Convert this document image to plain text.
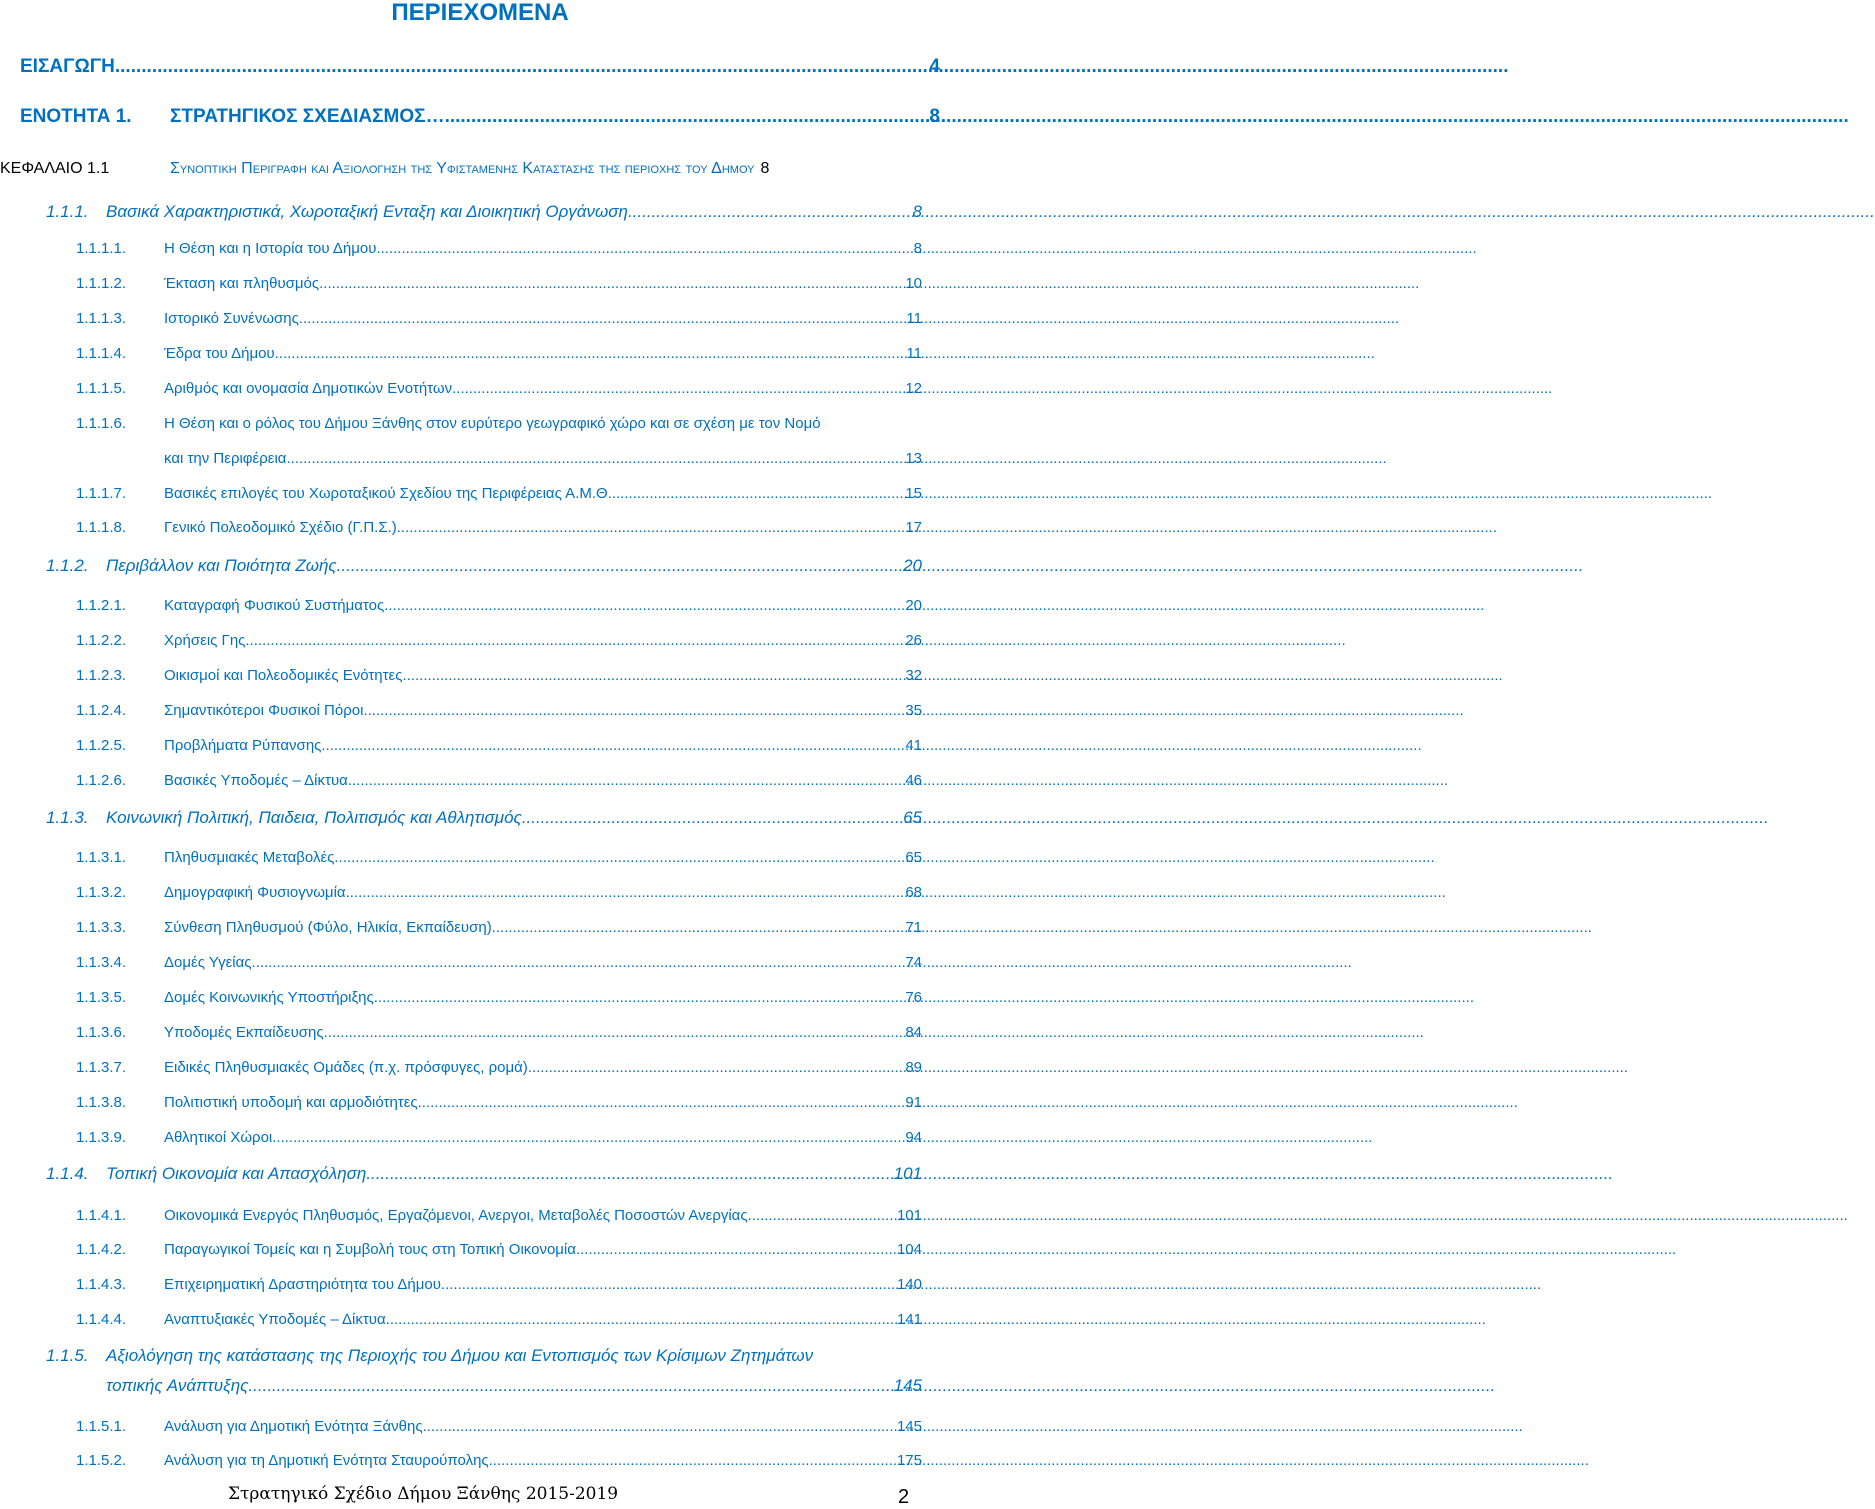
ΠΕΡΙΕΧΟΜΕΝΑ
ΕΙΣΑΓΩΓΗ .....	4
ΕΝΟΤΗΤΑ 1.	ΣΤΡΑΤΗΓΙΚΟΣ ΣΧΕΔΙΑΣΜΟΣ….. .....	8
ΚΕΦΑΛΑΙΟ 1.1	Συνοπτικη Περιγραφη και Αξιολογηση της Υφισταμενης Καταστασης της περιοχης του Δημου 8
1.1.1.	Βασικά Χαρακτηριστικά, Χωροταξική Ενταξη και Διοικητική Οργάνωση .....	8
1.1.1.1.	Η Θέση και η Ιστορία του Δήμου .....	8
1.1.1.2.	Έκταση και πληθυσμός .....	10
1.1.1.3.	Ιστορικό Συνένωσης .....	11
1.1.1.4.	Έδρα του Δήμου .....	11
1.1.1.5.	Αριθμός και ονομασία Δημοτικών Ενοτήτων .....	12
1.1.1.6.	Η Θέση και ο ρόλος του Δήμου Ξάνθης στον ευρύτερο γεωγραφικό χώρο και σε σχέση με τον Νομό
και την Περιφέρεια .....	13
1.1.1.7.	Βασικές επιλογές του Χωροταξικού Σχεδίου της Περιφέρειας Α.Μ.Θ. .....	15
1.1.1.8.	Γενικό Πολεοδομικό Σχέδιο (Γ.Π.Σ.) .....	17
1.1.2.	Περιβάλλον και Ποιότητα Ζωής .....	20
1.1.2.1.	Καταγραφή Φυσικού Συστήματος .....	20
1.1.2.2.	Χρήσεις Γης .....	26
1.1.2.3.	Οικισμοί και Πολεοδομικές Ενότητες .....	32
1.1.2.4.	Σημαντικότεροι Φυσικοί Πόροι .....	35
1.1.2.5.	Προβλήματα Ρύπανσης .....	41
1.1.2.6.	Βασικές Υποδομές – Δίκτυα .....	46
1.1.3.	Κοινωνική Πολιτική, Παιδεια, Πολιτισμός και Αθλητισμός .....	65
1.1.3.1.	Πληθυσμιακές Μεταβολές .....	65
1.1.3.2.	Δημογραφική Φυσιογνωμία .....	68
1.1.3.3.	Σύνθεση Πληθυσμού (Φύλο, Ηλικία, Εκπαίδευση) .....	71
1.1.3.4.	Δομές Υγείας .....	74
1.1.3.5.	Δομές Κοινωνικής Υποστήριξης .....	76
1.1.3.6.	Υποδομές Εκπαίδευσης .....	84
1.1.3.7.	Ειδικές Πληθυσμιακές Ομάδες (π.χ. πρόσφυγες, ρομά) .....	89
1.1.3.8.	Πολιτιστική υποδομή και αρμοδιότητες .....	91
1.1.3.9.	Αθλητικοί Χώροι .....	94
1.1.4.	Τοπική Οικονομία και Απασχόληση .....	101
1.1.4.1.	Οικονομικά Ενεργός Πληθυσμός, Εργαζόμενοι, Ανεργοι, Μεταβολές Ποσοστών Ανεργίας .....	101
1.1.4.2.	Παραγωγικοί Τομείς και η Συμβολή τους στη Τοπική Οικονομία .....	104
1.1.4.3.	Επιχειρηματική Δραστηριότητα του Δήμου .....	140
1.1.4.4.	Αναπτυξιακές Υποδομές – Δίκτυα .....	141
1.1.5.	Αξιολόγηση της κατάστασης της Περιοχής του Δήμου και Εντοπισμός των Κρίσιμων Ζητημάτων
τοπικής Ανάπτυξης .....	145
1.1.5.1.	Ανάλυση για Δημοτική Ενότητα Ξάνθης .....	145
1.1.5.2.	Ανάλυση για τη Δημοτική Ενότητα Σταυρούπολης .....	175
Στρατηγικό Σχέδιο Δήμου Ξάνθης 2015-2019	2
